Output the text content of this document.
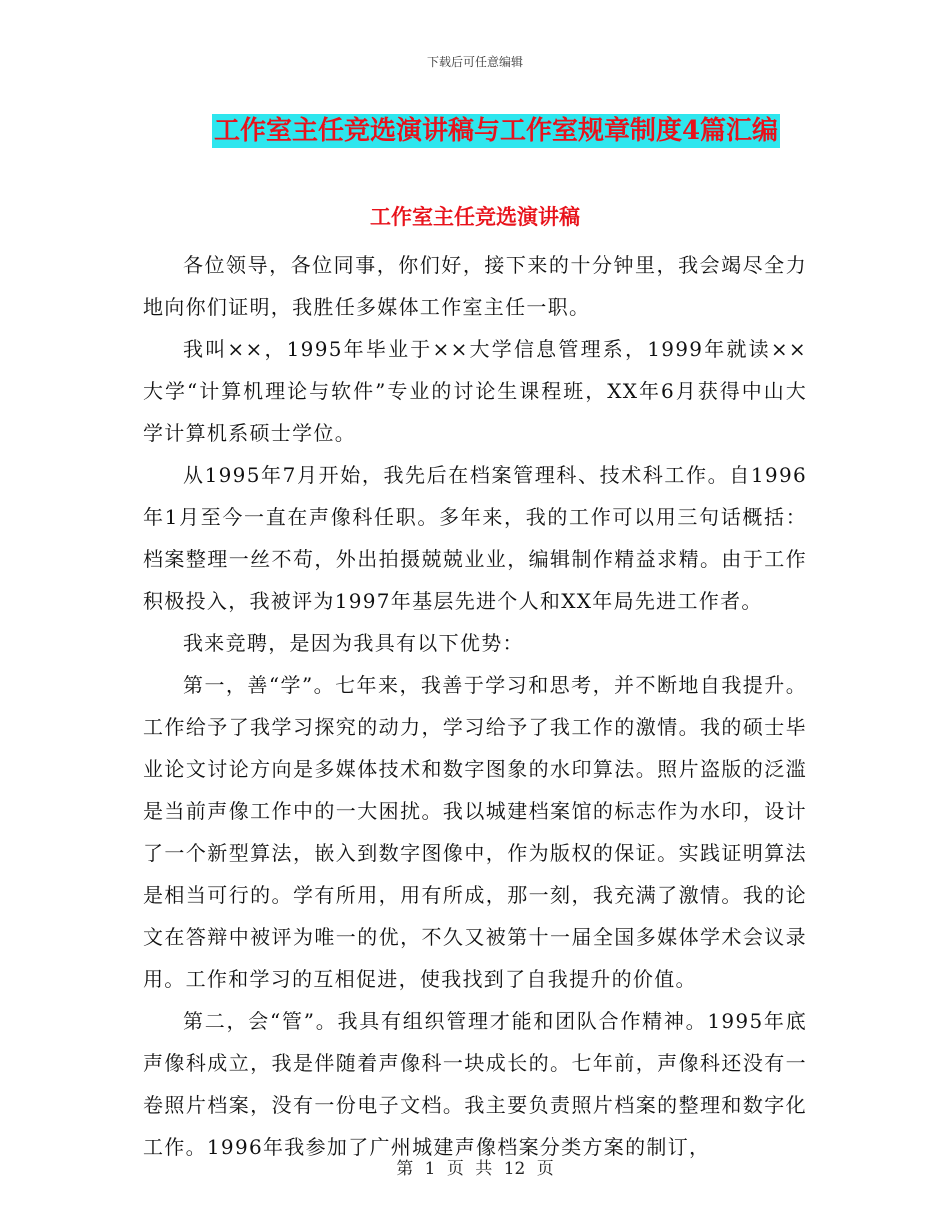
下载后可任意编辑
工作室主任竞选演讲稿与工作室规章制度4篇汇编
工作室主任竞选演讲稿

各位领导，各位同事，你们好，接下来的十分钟里，我会竭尽全力地向你们证明，我胜任多媒体工作室主任一职。

我叫××，1995年毕业于××大学信息管理系，1999年就读××大学“计算机理论与软件”专业的讨论生课程班，XX年6月获得中山大学计算机系硕士学位。

从1995年7月开始，我先后在档案管理科、技术科工作。自1996年1月至今一直在声像科任职。多年来，我的工作可以用三句话概括：档案整理一丝不苟，外出拍摄兢兢业业，编辑制作精益求精。由于工作积极投入，我被评为1997年基层先进个人和XX年局先进工作者。

我来竞聘，是因为我具有以下优势：

第一，善“学”。七年来，我善于学习和思考，并不断地自我提升。工作给予了我学习探究的动力，学习给予了我工作的激情。我的硕士毕业论文讨论方向是多媒体技术和数字图象的水印算法。照片盗版的泛滥是当前声像工作中的一大困扰。我以城建档案馆的标志作为水印，设计了一个新型算法，嵌入到数字图像中，作为版权的保证。实践证明算法是相当可行的。学有所用，用有所成，那一刻，我充满了激情。我的论文在答辩中被评为唯一的优，不久又被第十一届全国多媒体学术会议录用。工作和学习的互相促进，使我找到了自我提升的价值。

第二，会“管”。我具有组织管理才能和团队合作精神。1995年底声像科成立，我是伴随着声像科一块成长的。七年前，声像科还没有一卷照片档案，没有一份电子文档。我主要负责照片档案的整理和数字化工作。1996年我参加了广州城建声像档案分类方案的制订，

第 1 页 共 12 页
